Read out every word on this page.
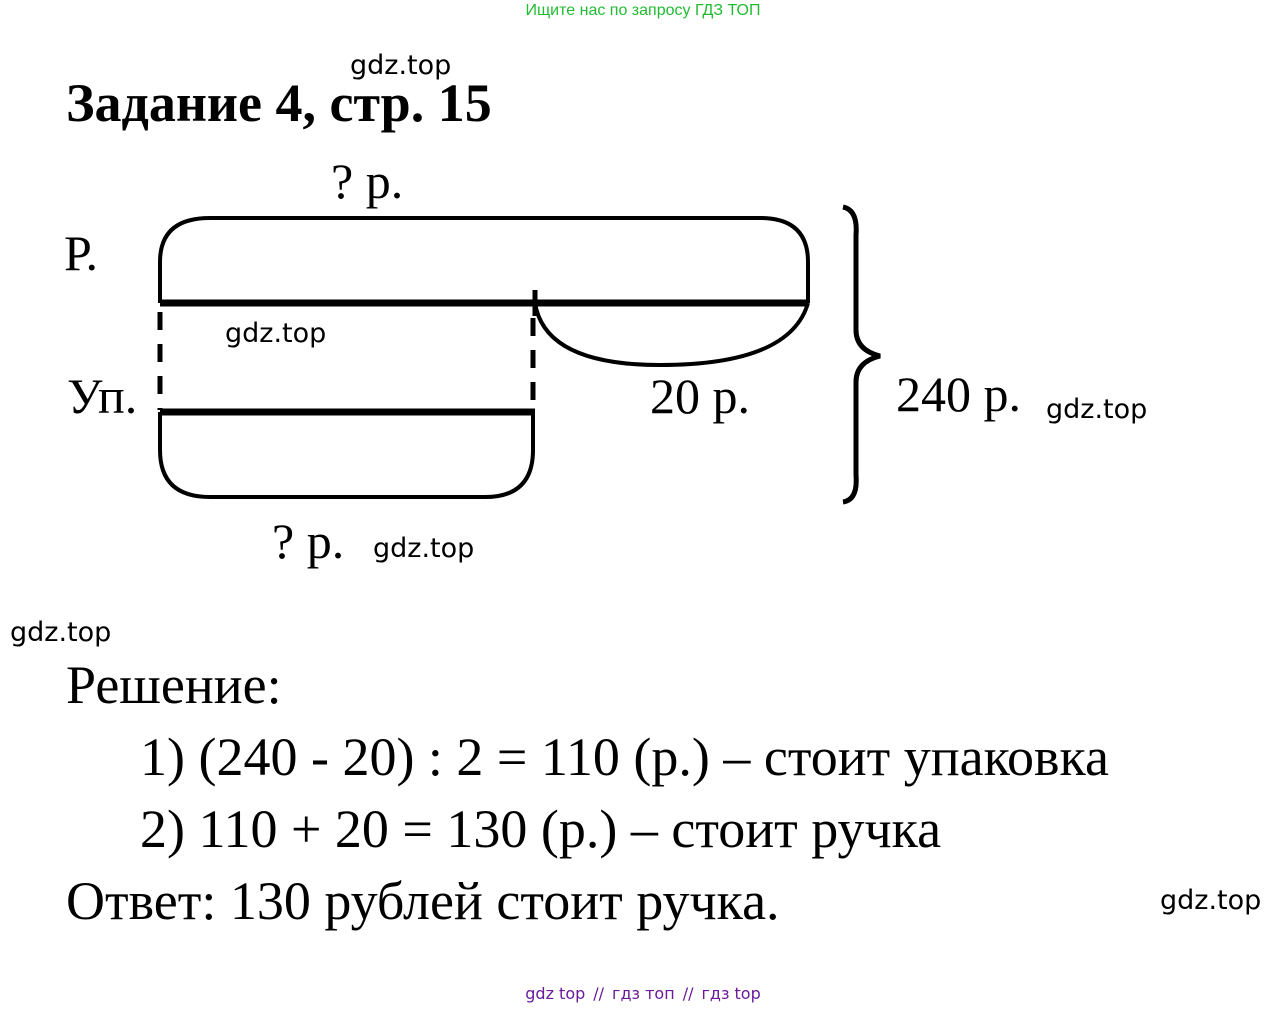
Ищите нас по запросу ГДЗ ТОП
gdz.top
Задание 4, стр. 15
? р.
Р.
gdz.top
Уп.	20 р.	240 р. gdz.top
? р. gdz.top
gdz.top
Решение:
1) (240 - 20) : 2 = 110 (р.) – стоит упаковка
2) 110 + 20 = 130 (р.) – стоит ручка
Ответ: 130 рублей стоит ручка.	gdz.top
gdz top // гдз топ // гдз top
